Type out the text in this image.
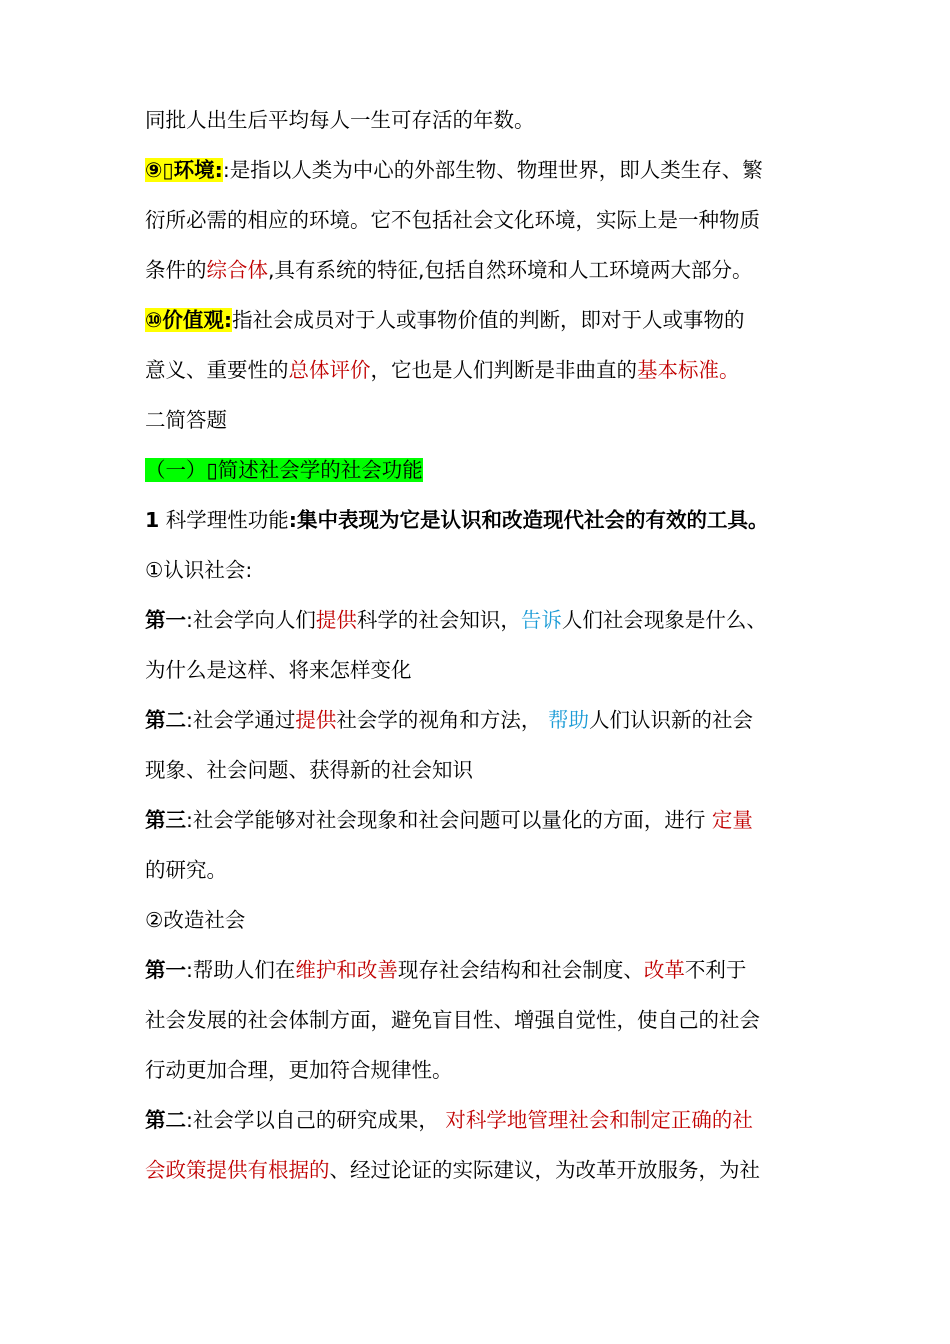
同批人出生后平均每人一生可存活的年数。
⑨▯环境::是指以人类为中心的外部生物、物理世界，即人类生存、繁
衍所必需的相应的环境。它不包括社会文化环境，实际上是一种物质
条件的综合体,具有系统的特征,包括自然环境和人工环境两大部分。
⑩价值观:指社会成员对于人或事物价值的判断，即对于人或事物的
意义、重要性的总体评价，它也是人们判断是非曲直的基本标准。
二简答题
（一）▯简述社会学的社会功能
1 科学理性功能:集中表现为它是认识和改造现代社会的有效的工具。
①认识社会:
第一:社会学向人们提供科学的社会知识，告诉人们社会现象是什么、
为什么是这样、将来怎样变化
第二:社会学通过提供社会学的视角和方法， 帮助人们认识新的社会
现象、社会问题、获得新的社会知识
第三:社会学能够对社会现象和社会问题可以量化的方面，进行 定量
的研究。
②改造社会
第一:帮助人们在维护和改善现存社会结构和社会制度、改革不利于
社会发展的社会体制方面，避免盲目性、增强自觉性，使自己的社会
行动更加合理，更加符合规律性。
第二:社会学以自己的研究成果， 对科学地管理社会和制定正确的社
会政策提供有根据的、经过论证的实际建议，为改革开放服务，为社
